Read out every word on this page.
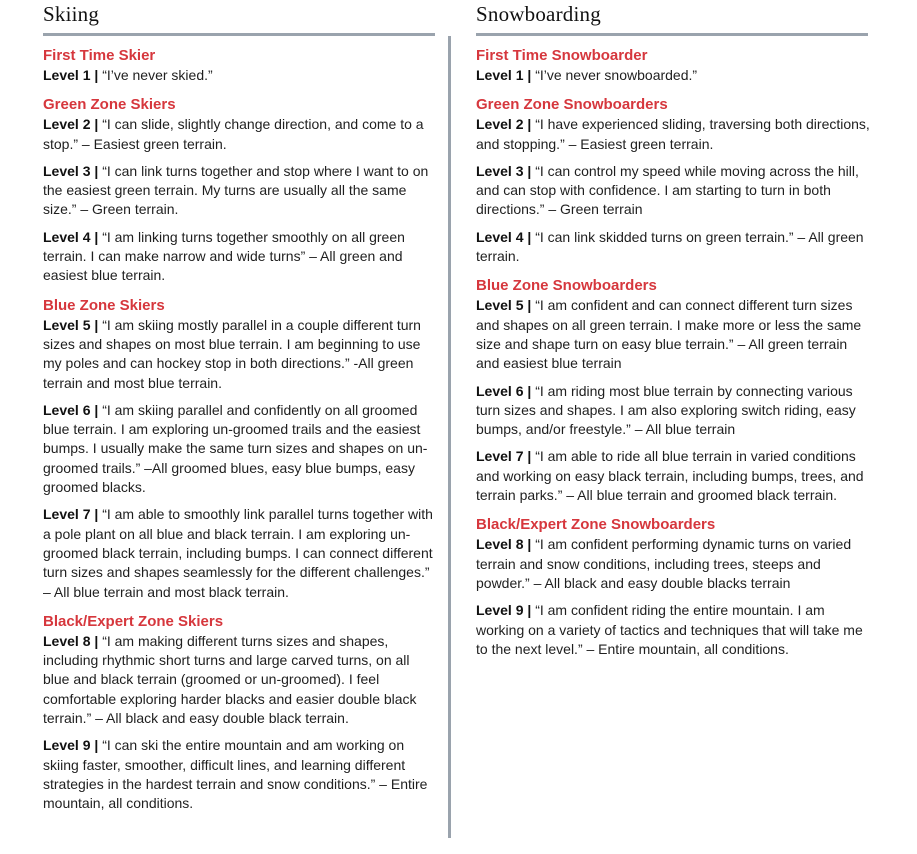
Skiing	Snowboarding
First Time Skier
Level 1 | “I’ve never skied.”
Green Zone Skiers
Level 2 | “I can slide, slightly change direction, and come to a stop.” – Easiest green terrain.
Level 3 | “I can link turns together and stop where I want to on the easiest green terrain. My turns are usually all the same size.” – Green terrain.
Level 4 | “I am linking turns together smoothly on all green terrain. I can make narrow and wide turns” – All green and easiest blue terrain.
Blue Zone Skiers
Level 5 | “I am skiing mostly parallel in a couple different turn sizes and shapes on most blue terrain. I am beginning to use my poles and can hockey stop in both directions.” -All green terrain and most blue terrain.
Level 6 | “I am skiing parallel and confidently on all groomed blue terrain. I am exploring un-groomed trails and the easiest bumps. I usually make the same turn sizes and shapes on un-groomed trails.” –All groomed blues, easy blue bumps, easy groomed blacks.
Level 7 | “I am able to smoothly link parallel turns together with a pole plant on all blue and black terrain. I am exploring un-groomed black terrain, including bumps. I can connect different turn sizes and shapes seamlessly for the different challenges.” – All blue terrain and most black terrain.
Black/Expert Zone Skiers
Level 8 | “I am making different turns sizes and shapes, including rhythmic short turns and large carved turns, on all blue and black terrain (groomed or un-groomed). I feel comfortable exploring harder blacks and easier double black terrain.” – All black and easy double black terrain.
Level 9 | “I can ski the entire mountain and am working on skiing faster, smoother, difficult lines, and learning different strategies in the hardest terrain and snow conditions.” – Entire mountain, all conditions.
First Time Snowboarder
Level 1 | “I’ve never snowboarded.”
Green Zone Snowboarders
Level 2 | “I have experienced sliding, traversing both directions, and stopping.” – Easiest green terrain.
Level 3 | “I can control my speed while moving across the hill, and can stop with confidence. I am starting to turn in both directions.” – Green terrain
Level 4 | “I can link skidded turns on green terrain.” – All green terrain.
Blue Zone Snowboarders
Level 5 | “I am confident and can connect different turn sizes and shapes on all green terrain. I make more or less the same size and shape turn on easy blue terrain.” – All green terrain and easiest blue terrain
Level 6 | “I am riding most blue terrain by connecting various turn sizes and shapes. I am also exploring switch riding, easy bumps, and/or freestyle.” – All blue terrain
Level 7 | “I am able to ride all blue terrain in varied conditions and working on easy black terrain, including bumps, trees, and terrain parks.” – All blue terrain and groomed black terrain.
Black/Expert Zone Snowboarders
Level 8 | “I am confident performing dynamic turns on varied terrain and snow conditions, including trees, steeps and powder.” – All black and easy double blacks terrain
Level 9 | “I am confident riding the entire mountain. I am working on a variety of tactics and techniques that will take me to the next level.” – Entire mountain, all conditions.
